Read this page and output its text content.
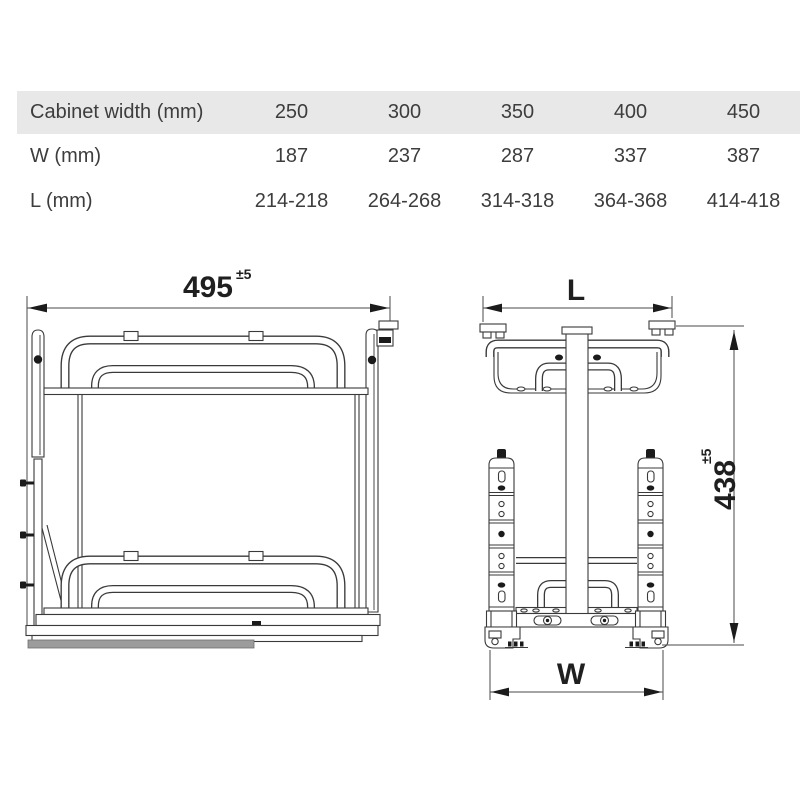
Cabinet width (mm)	250	300	350	400	450
W (mm)	187	237	287	337	387
L (mm)	214-218	264-268	314-318	364-368	414-418
495 ±5	L
438
±5
W
